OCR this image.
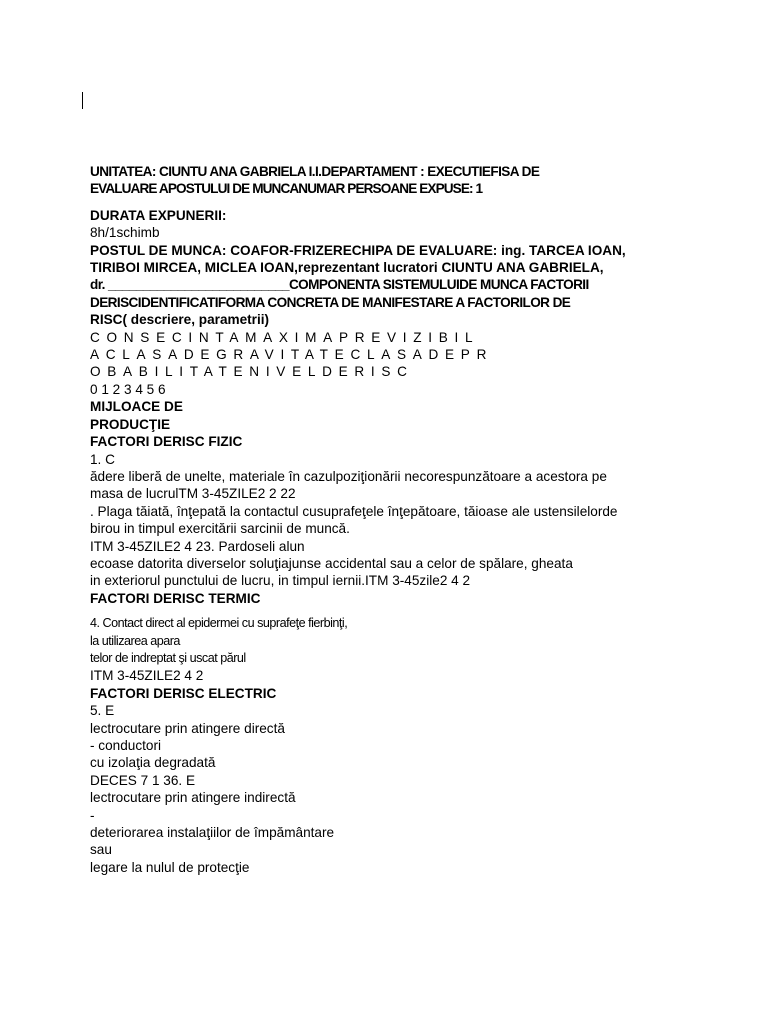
UNITATEA: CIUNTU ANA GABRIELA I.I.DEPARTAMENT : EXECUTIEFISA DE
EVALUARE APOSTULUI DE MUNCANUMAR PERSOANE EXPUSE: 1
DURATA EXPUNERII:
8h/1schimb
POSTUL DE MUNCA: COAFOR-FRIZERECHIPA DE EVALUARE: ing. TARCEA IOAN,
TIRIBOI MIRCEA, MICLEA IOAN,reprezentant lucratori CIUNTU ANA GABRIELA,
dr. __________________________COMPONENTA SISTEMULUIDE MUNCA FACTORII
DERISCIDENTIFICATIFORMA CONCRETA DE MANIFESTARE A FACTORILOR DE
RISC( descriere, parametrii)
CONSECINTAMAXIMAPREVIZIBIL
ACLASADEGRAVITATECLASADEPR
OBABILITATENIVELDERISC
0 1 2 3 4 5 6
MIJLOACE DE
PRODUCŢIE
FACTORI DERISC FIZIC
1. C
ădere liberă de unelte, materiale în cazulpoziţionării necorespunzătoare a acestora pe
masa de lucrulTM 3-45ZILE2 2 22
. Plaga tăiată, înţepată la contactul cusuprafeţele înţepătoare, tăioase ale ustensilelorde
birou in timpul exercitării sarcinii de muncă.
ITM 3-45ZILE2 4 23. Pardoseli alun
ecoase datorita diverselor soluţiajunse accidental sau a celor de spălare, gheata
in exteriorul punctului de lucru, in timpul iernii.ITM 3-45zile2 4 2
FACTORI DERISC TERMIC
4. Contact direct al epidermei cu suprafeţe fierbinţi,
la utilizarea apara
telor de indreptat şi uscat părul
ITM 3-45ZILE2 4 2
FACTORI DERISC ELECTRIC
5. E
lectrocutare prin atingere directă
- conductori
cu izolaţia degradată
DECES 7 1 36. E
lectrocutare prin atingere indirectă
-
deteriorarea instalaţiilor de împământare
sau
legare la nulul de protecţie
